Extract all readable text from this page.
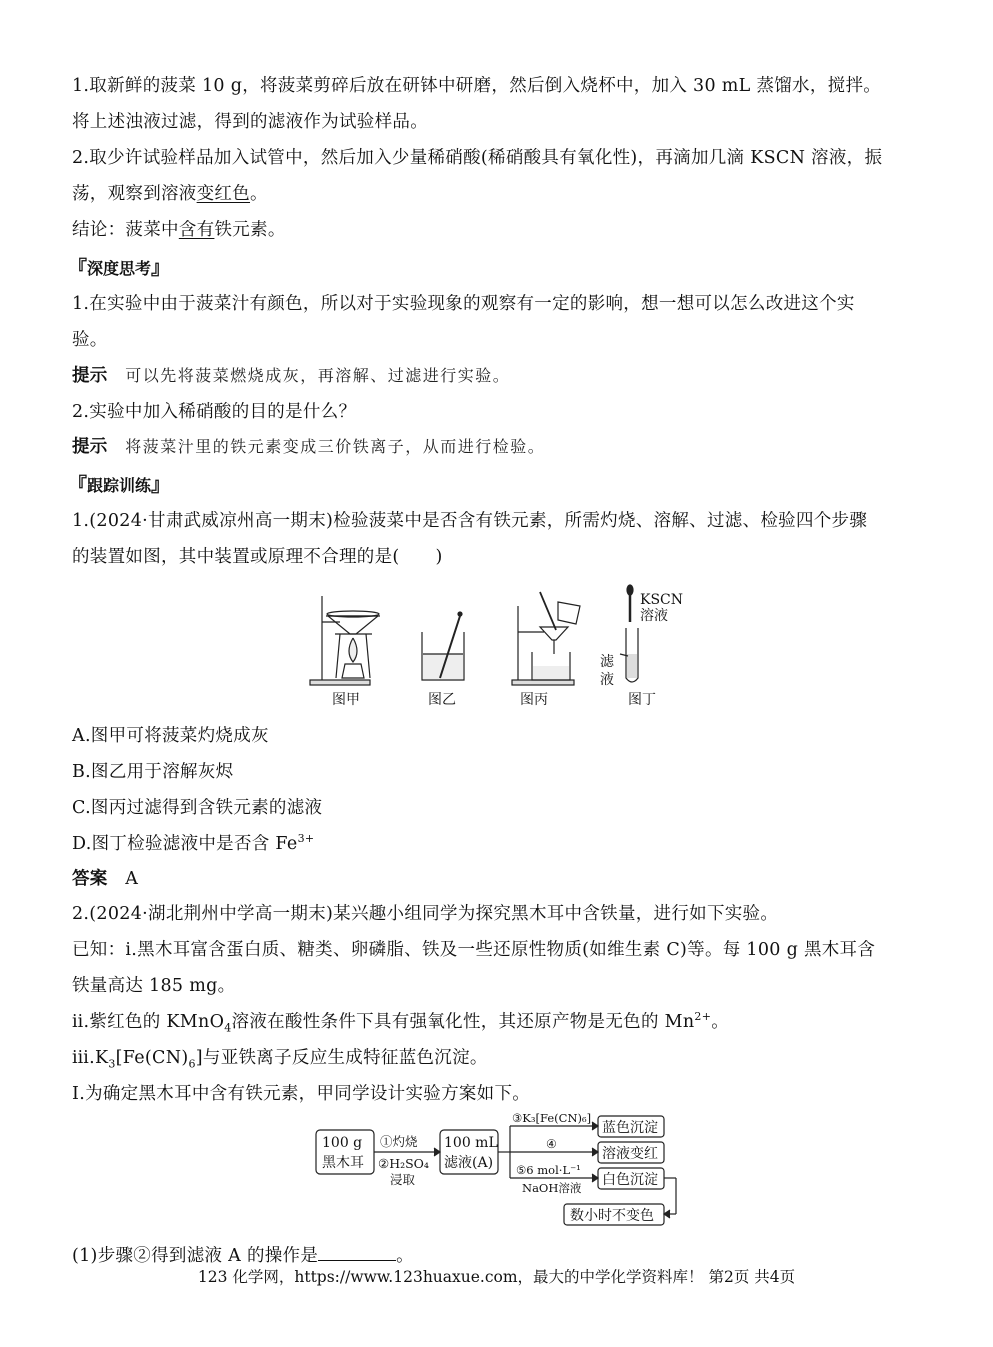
1.取新鲜的菠菜 10 g，将菠菜剪碎后放在研钵中研磨，然后倒入烧杯中，加入 30 mL 蒸馏水，搅拌。
将上述浊液过滤，得到的滤液作为试验样品。
2.取少许试验样品加入试管中，然后加入少量稀硝酸(稀硝酸具有氧化性)，再滴加几滴 KSCN 溶液，振
荡，观察到溶液变红色。
结论：菠菜中含有铁元素。
『深度思考』
1.在实验中由于菠菜汁有颜色，所以对于实验现象的观察有一定的影响，想一想可以怎么改进这个实
验。
提示 可以先将菠菜燃烧成灰，再溶解、过滤进行实验。
2.实验中加入稀硝酸的目的是什么？
提示 将菠菜汁里的铁元素变成三价铁离子，从而进行检验。
『跟踪训练』
1.(2024·甘肃武威凉州高一期末)检验菠菜中是否含有铁元素，所需灼烧、溶解、过滤、检验四个步骤
的装置如图，其中装置或原理不合理的是( )
KSCN
溶液
滤
液
图甲	图乙	图丙	图丁
A.图甲可将菠菜灼烧成灰
B.图乙用于溶解灰烬
C.图丙过滤得到含铁元素的滤液
D.图丁检验滤液中是否含 $Fe^{3+}$
答案 A
2.(2024·湖北荆州中学高一期末)某兴趣小组同学为探究黑木耳中含铁量，进行如下实验。
已知：ⅰ.黑木耳富含蛋白质、糖类、卵磷脂、铁及一些还原性物质(如维生素 C)等。每 100 g 黑木耳含
铁量高达 185 mg。
ⅱ.紫红色的 KMnO$_4$溶液在酸性条件下具有强氧化性，其还原产物是无色的 $Mn^{2+}$。
$ⅲ.K_3[Fe(CN)_6]$与亚铁离子反应生成特征蓝色沉淀。
Ⅰ.为确定黑木耳中含有铁元素，甲同学设计实验方案如下。
100 g
黑木耳
①灼烧
②H₂SO₄
浸取
100 mL
滤液(A)
③K₃[Fe(CN)₆]
④
⑤6 mol·L⁻¹
NaOH溶液
蓝色沉淀
溶液变红
白色沉淀
数小时不变色
(1)步骤②得到滤液 A 的操作是	。
123 化学网，https://www.123huaxue.com，最大的中学化学资料库！ 第2页 共4页
